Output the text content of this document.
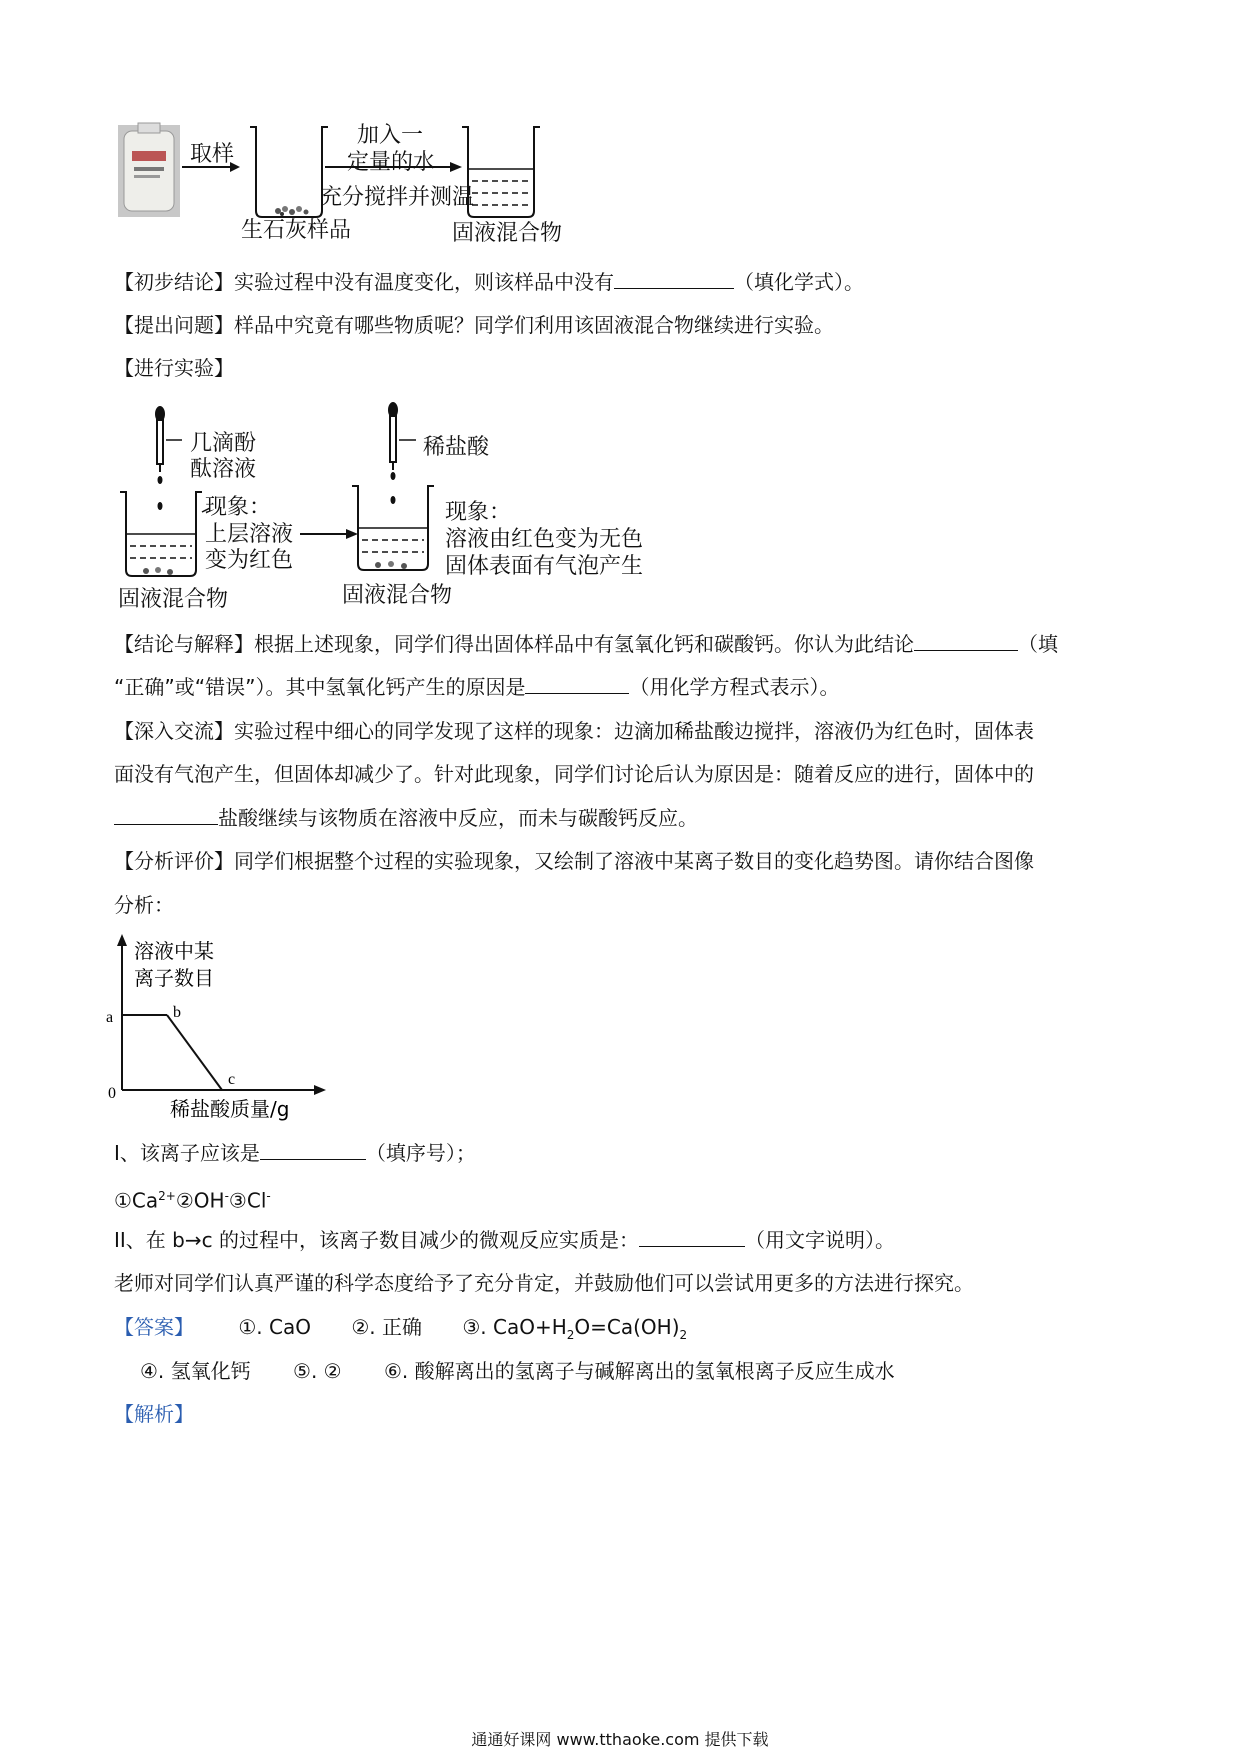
取样
加入一
定量的水
充分搅拌并测温
生石灰样品	固液混合物
【初步结论】实验过程中没有温度变化，则该样品中没有	（填化学式）。
【提出问题】样品中究竟有哪些物质呢？同学们利用该固液混合物继续进行实验。
【进行实验】
几滴酚
酞溶液
现象：
上层溶液
变为红色
固液混合物
稀盐酸
现象：
溶液由红色变为无色
固体表面有气泡产生
固液混合物
【结论与解释】根据上述现象，同学们得出固体样品中有氢氧化钙和碳酸钙。你认为此结论	（填
“正确”或“错误”）。其中氢氧化钙产生的原因是	（用化学方程式表示）。
【深入交流】实验过程中细心的同学发现了这样的现象：边滴加稀盐酸边搅拌，溶液仍为红色时，固体表
面没有气泡产生，但固体却减少了。针对此现象，同学们讨论后认为原因是：随着反应的进行，固体中的
盐酸继续与该物质在溶液中反应，而未与碳酸钙反应。
【分析评价】同学们根据整个过程的实验现象，又绘制了溶液中某离子数目的变化趋势图。请你结合图像
分析：
溶液中某
离子数目
a
0
稀盐酸质量/g
b
c
I、该离子应该是	（填序号）；
$①Ca^{2+}②OH^-③Cl^-$
II、在 b→c 的过程中，该离子数目减少的微观反应实质是：	（用文字说明）。
老师对同学们认真严谨的科学态度给予了充分肯定，并鼓励他们可以尝试用更多的方法进行探究。
【答案】 ①. CaO ②. 正确 ③. $CaO+H_2O=Ca(OH)_2$
④. 氢氧化钙 ⑤. ② ⑥. 酸解离出的氢离子与碱解离出的氢氧根离子反应生成水
【解析】
通通好课网 www.tthaoke.com 提供下载
